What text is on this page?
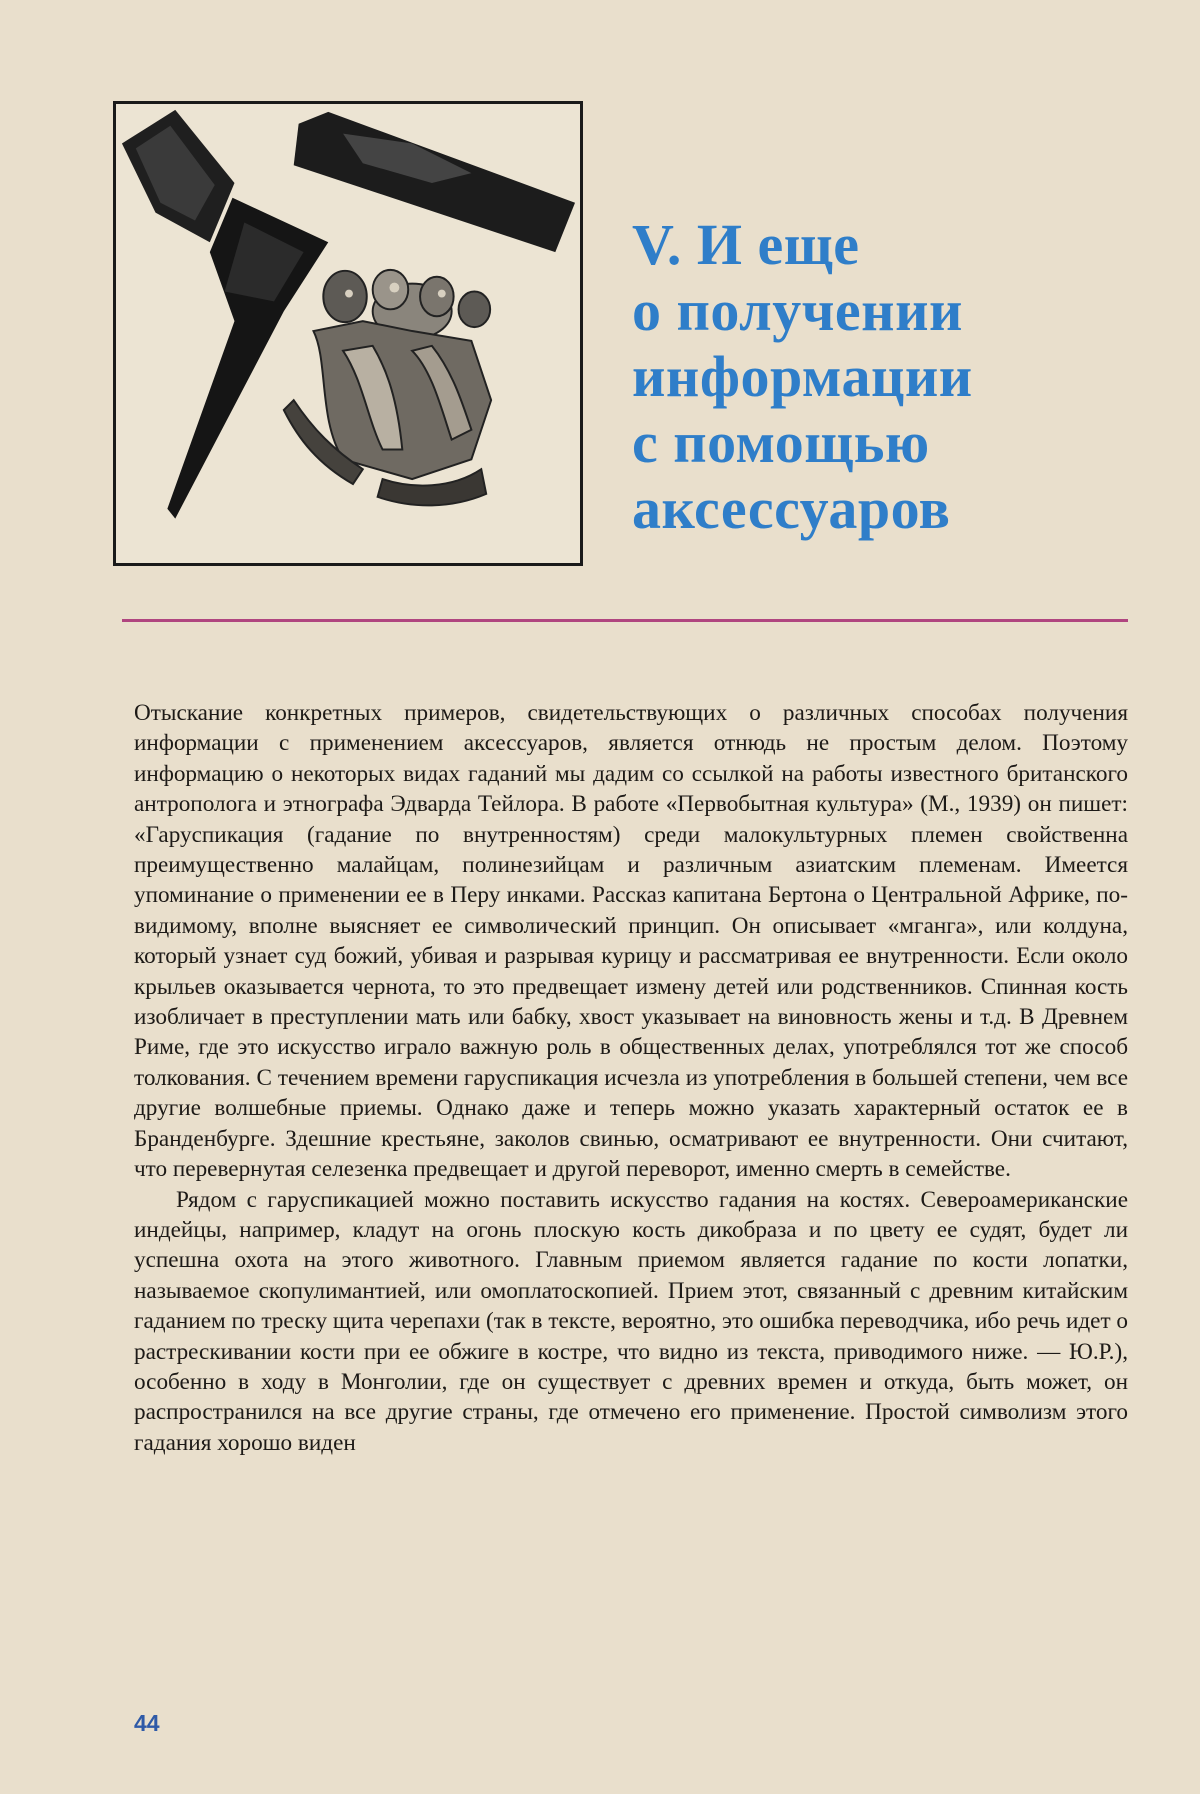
V. И еще
о получении
информации
с помощью
аксессуаров

Отыскание конкретных примеров, свидетельствующих о различных способах получения информации с применением аксессуаров, является отнюдь не простым делом. Поэтому информацию о некоторых видах гаданий мы дадим со ссылкой на работы известного британского антрополога и этнографа Эдварда Тейлора. В работе «Первобытная культура» (М., 1939) он пишет: «Гаруспикация (гадание по внутренностям) среди малокультурных племен свойственна преимущественно малайцам, полинезийцам и различным азиатским племенам. Имеется упоминание о применении ее в Перу инками. Рассказ капитана Бертона о Центральной Африке, по-видимому, вполне выясняет ее символический принцип. Он описывает «мганга», или колдуна, который узнает суд божий, убивая и разрывая курицу и рассматривая ее внутренности. Если около крыльев оказывается чернота, то это предвещает измену детей или родственников. Спинная кость изобличает в преступлении мать или бабку, хвост указывает на виновность жены и т.д. В Древнем Риме, где это искусство играло важную роль в общественных делах, употреблялся тот же способ толкования. С течением времени гаруспикация исчезла из употребления в большей степени, чем все другие волшебные приемы. Однако даже и теперь можно указать характерный остаток ее в Бранденбурге. Здешние крестьяне, заколов свинью, осматривают ее внутренности. Они считают, что перевернутая селезенка предвещает и другой переворот, именно смерть в семействе.

Рядом с гаруспикацией можно поставить искусство гадания на костях. Североамериканские индейцы, например, кладут на огонь плоскую кость дикобраза и по цвету ее судят, будет ли успешна охота на этого животного. Главным приемом является гадание по кости лопатки, называемое скопулимантией, или омоплатоскопией. Прием этот, связанный с древним китайским гаданием по треску щита черепахи (так в тексте, вероятно, это ошибка переводчика, ибо речь идет о растрескивании кости при ее обжиге в костре, что видно из текста, приводимого ниже. — Ю.Р.), особенно в ходу в Монголии, где он существует с древних времен и откуда, быть может, он распространился на все другие страны, где отмечено его применение. Простой символизм этого гадания хорошо виден

44
